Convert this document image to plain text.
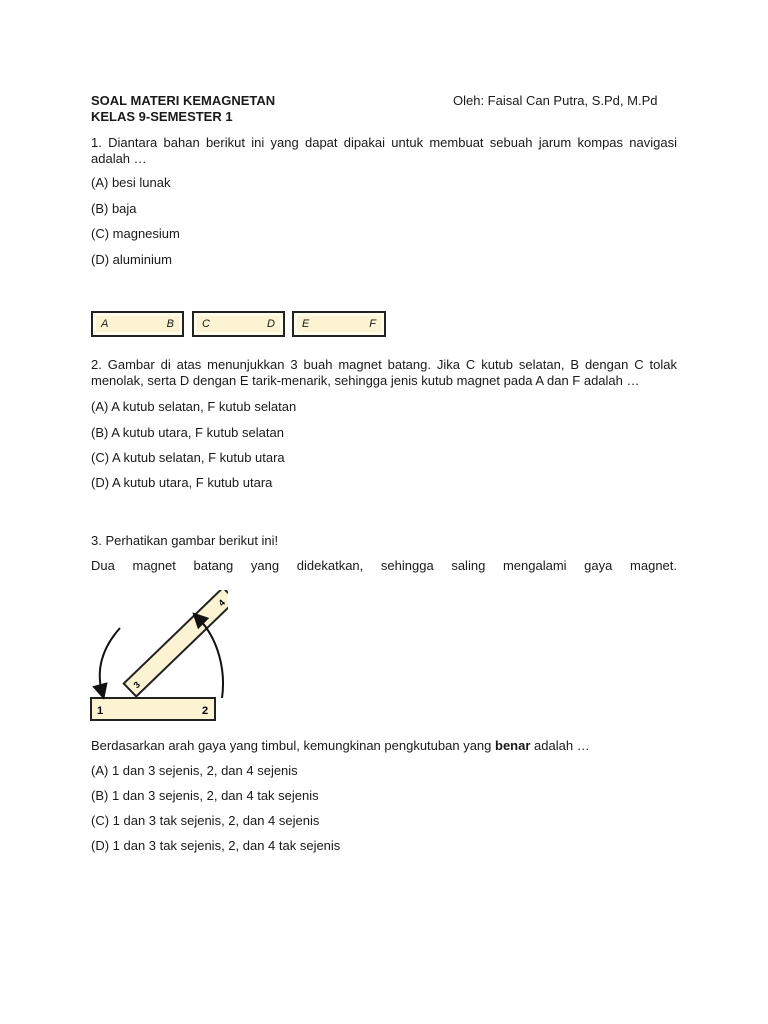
SOAL MATERI KEMAGNETAN	Oleh: Faisal Can Putra, S.Pd, M.Pd
KELAS 9-SEMESTER 1
1. Diantara bahan berikut ini yang dapat dipakai untuk membuat sebuah jarum kompas navigasi adalah …
(A) besi lunak
(B) baja
(C) magnesium
(D) aluminium
2. Gambar di atas menunjukkan 3 buah magnet batang. Jika C kutub selatan, B dengan C tolak menolak, serta D dengan E tarik-menarik, sehingga jenis kutub magnet pada A dan F adalah …
(A) A kutub selatan, F kutub selatan
(B) A kutub utara, F kutub selatan
(C) A kutub selatan, F kutub utara
(D) A kutub utara, F kutub utara
3. Perhatikan gambar berikut ini!
Dua magnet batang yang didekatkan, sehingga saling mengalami gaya magnet.
Berdasarkan arah gaya yang timbul, kemungkinan pengkutuban yang benar adalah …
(A) 1 dan 3 sejenis, 2, dan 4 sejenis
(B) 1 dan 3 sejenis, 2, dan 4 tak sejenis
(C) 1 dan 3 tak sejenis, 2, dan 4 sejenis
(D) 1 dan 3 tak sejenis, 2, dan 4 tak sejenis
A	B	C	D E	F
1	2
3
4
